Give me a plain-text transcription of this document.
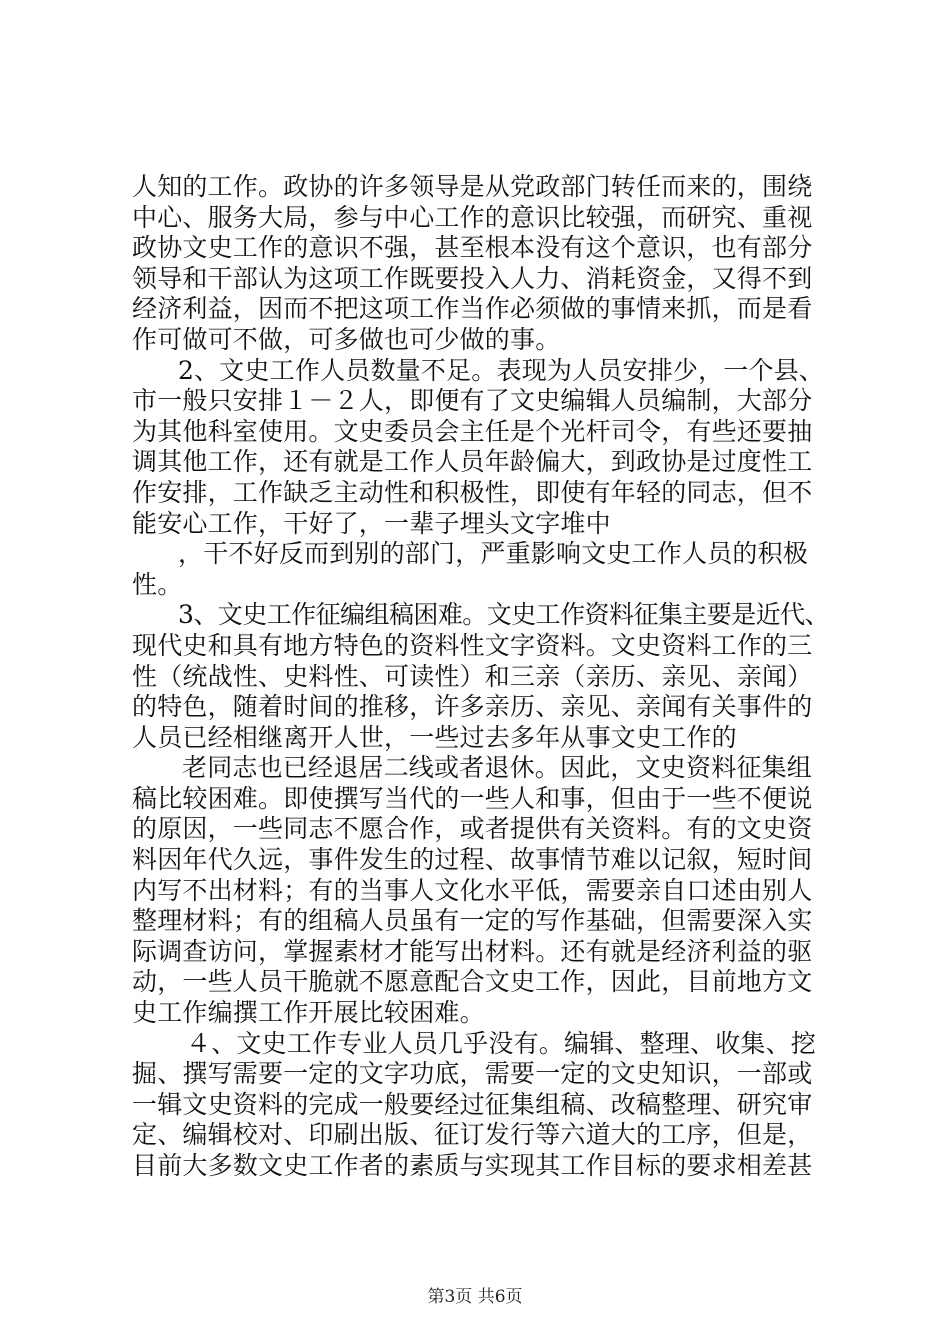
人知的工作。政协的许多领导是从党政部门转任而来的，围绕
中心、服务大局，参与中心工作的意识比较强，而研究、重视
政协文史工作的意识不强，甚至根本没有这个意识，也有部分
领导和干部认为这项工作既要投入人力、消耗资金，又得不到
经济利益，因而不把这项工作当作必须做的事情来抓，而是看
作可做可不做，可多做也可少做的事。
2、文史工作人员数量不足。表现为人员安排少，一个县、
市一般只安排１－２人，即便有了文史编辑人员编制，大部分
为其他科室使用。文史委员会主任是个光杆司令，有些还要抽
调其他工作，还有就是工作人员年龄偏大，到政协是过度性工
作安排，工作缺乏主动性和积极性，即使有年轻的同志，但不
能安心工作，干好了，一辈子埋头文字堆中
，干不好反而到别的部门，严重影响文史工作人员的积极
性。
3、文史工作征编组稿困难。文史工作资料征集主要是近代、
现代史和具有地方特色的资料性文字资料。文史资料工作的三
性（统战性、史料性、可读性）和三亲（亲历、亲见、亲闻）
的特色，随着时间的推移，许多亲历、亲见、亲闻有关事件的
人员已经相继离开人世，一些过去多年从事文史工作的
老同志也已经退居二线或者退休。因此，文史资料征集组
稿比较困难。即使撰写当代的一些人和事，但由于一些不便说
的原因，一些同志不愿合作，或者提供有关资料。有的文史资
料因年代久远，事件发生的过程、故事情节难以记叙，短时间
内写不出材料；有的当事人文化水平低，需要亲自口述由别人
整理材料；有的组稿人员虽有一定的写作基础，但需要深入实
际调查访问，掌握素材才能写出材料。还有就是经济利益的驱
动，一些人员干脆就不愿意配合文史工作，因此，目前地方文
史工作编撰工作开展比较困难。
４、文史工作专业人员几乎没有。编辑、整理、收集、挖
掘、撰写需要一定的文字功底，需要一定的文史知识，一部或
一辑文史资料的完成一般要经过征集组稿、改稿整理、研究审
定、编辑校对、印刷出版、征订发行等六道大的工序，但是，
目前大多数文史工作者的素质与实现其工作目标的要求相差甚
第3页 共6页
